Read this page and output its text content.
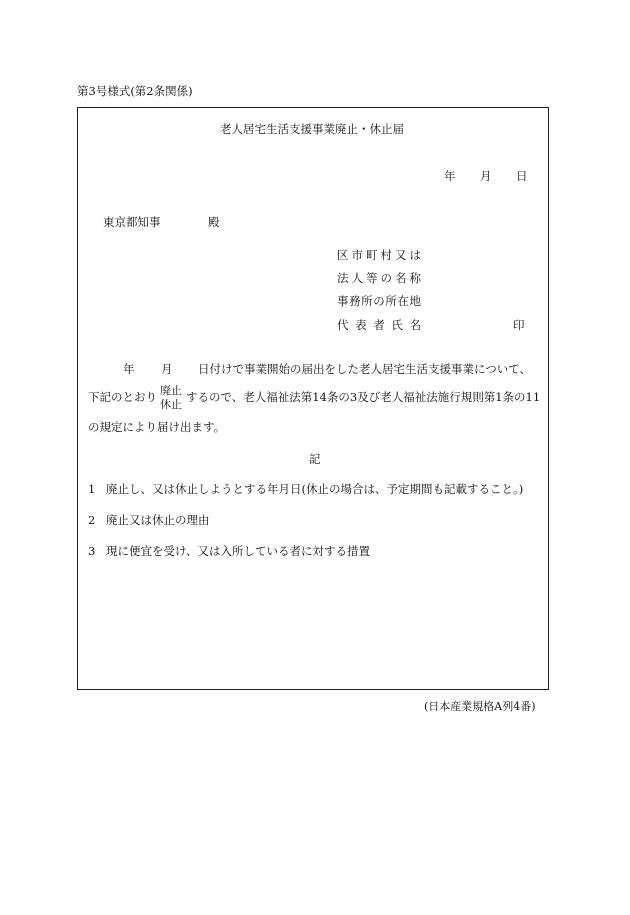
第3号様式(第2条関係)
老人居宅生活支援事業廃止・休止届
年 月 日
東京都知事	殿
区市町村又は
法人等の名称
事務所の所在地
代表者氏名	印
年 月 日付けで事業開始の届出をした老人居宅生活支援事業について、
下記のとおり 廃止
休止
するので、老人福祉法第14条の3及び老人福祉法施行規則第1条の11
の規定により届け出ます。
記
1 廃止し、又は休止しようとする年月日(休止の場合は、予定期間も記載すること。)
2 廃止又は休止の理由
3 現に便宜を受け、又は入所している者に対する措置
(日本産業規格A列4番)
